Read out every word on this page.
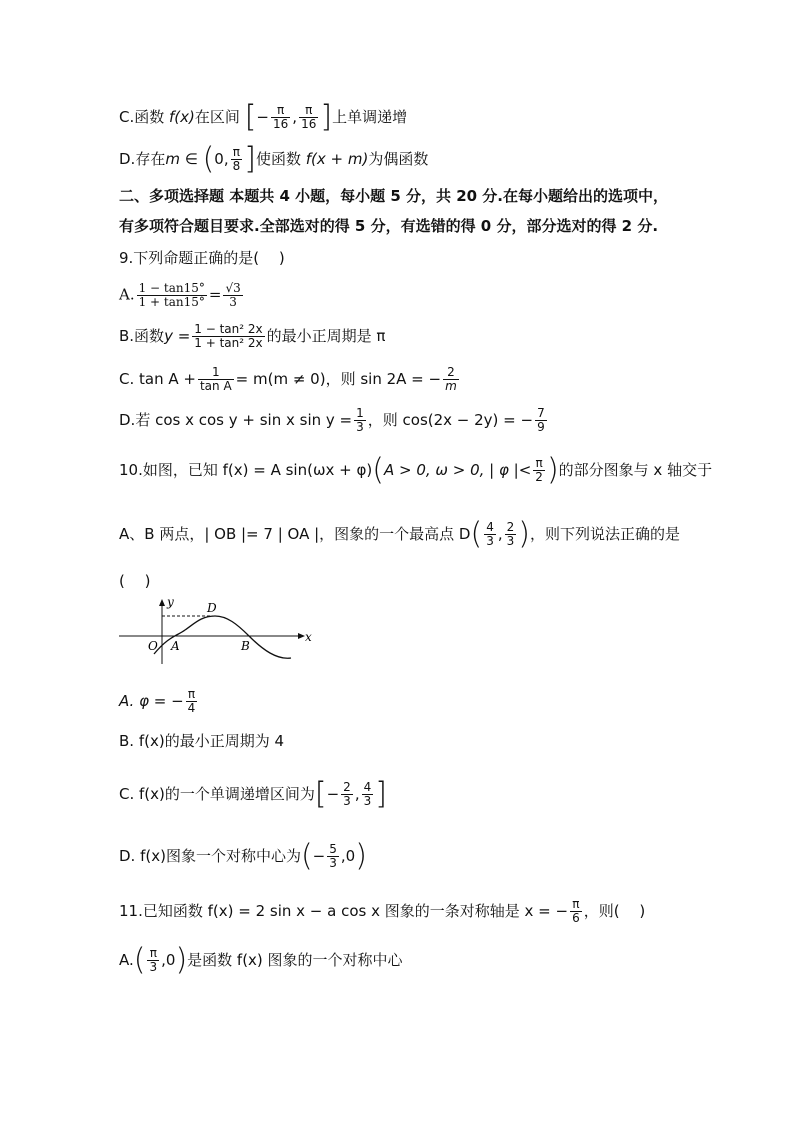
C.函数 f(x)在区间 [− $\frac{\pi}{16}$ , $\frac{\pi}{16}$ ]上单调递增
D.存在m ∈ (0, $\frac{\pi}{8}$ ]使函数 f(x + m)为偶函数
二、多项选择题 本题共 4 小题，每小题 5 分，共 20 分.在每小题给出的选项中，
有多项符合题目要求.全部选对的得 5 分，有选错的得 0 分，部分选对的得 2 分.
9.下列命题正确的是(　 )
A. $\frac{1 - \tan 15^\circ}{1 + \tan 15^\circ} = \frac{√3}{3}$
B.函数$y = \frac{\text{1 − tan² 2x}}{\text{1 + tan² 2x}}$ 的最小正周期是 π
C. $\tan A + \frac{1}{\text{tan A}} = m(m \ne 0)$，则 sin 2A = − $\frac{2}{m}$
D.若 cos x cos y + sin x $\sin y = \frac{1}{3}$ ，则 cos(2x − 2y) = − $\frac{7}{9}$
10.如图，已知 f(x) = A sin(ωx + φ)(A > 0, ω > 0, | φ |< $\frac{\pi}{2}$ )的部分图象与 x 轴交于
A、B 两点，| OB |= 7 | OA |，图象的一个最高点 $D( \frac{4}{3}$ , $\frac{2}{3}$ )，则下列说法正确的是
(　 )
y
x
O A	B
D
A. φ = − $\frac{\pi}{4}$
B. f(x)的最小正周期为 4
C. f(x)的一个单调递增区间为[− $\frac{2}{3}$ , $\frac{4}{3}$ ]
D. f(x)图象一个对称中心为(− $\frac{5}{3} ,0$)
11.已知函数 f(x) = 2 sin x − a cos x 图象的一条对称轴是 x = − $\frac{\pi}{6}$ ，则(　 )
$A.( \frac{\pi}{3} ,0)$是函数 f(x) 图象的一个对称中心
